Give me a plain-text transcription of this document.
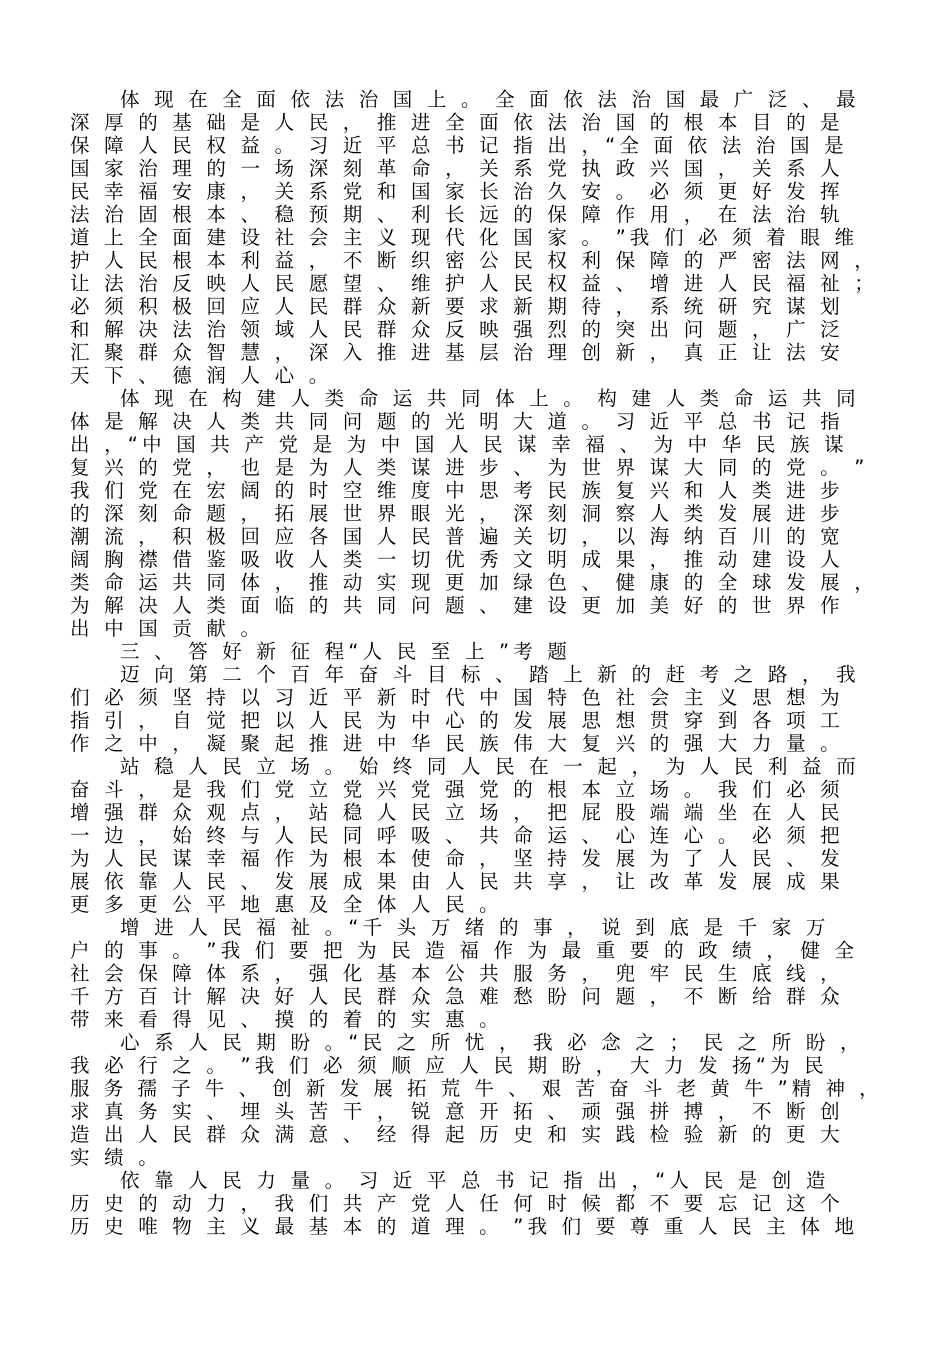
体 现 在 全 面 依 法 治 国 上 。 全 面 依 法 治 国 最 广 泛 、 最
深 厚 的 基 础 是 人 民 ， 推 进 全 面 依 法 治 国 的 根 本 目 的 是
保 障 人 民 权 益 。 习 近 平 总 书 记 指 出 ，“全 面 依 法 治 国 是
国 家 治 理 的 一 场 深 刻 革 命 ， 关 系 党 执 政 兴 国 ， 关 系 人
民 幸 福 安 康 ， 关 系 党 和 国 家 长 治 久 安 。 必 须 更 好 发 挥
法 治 固 根 本 、 稳 预 期 、 利 长 远 的 保 障 作 用 ， 在 法 治 轨
道 上 全 面 建 设 社 会 主 义 现 代 化 国 家 。 ”我 们 必 须 着 眼 维
护 人 民 根 本 利 益 ， 不 断 织 密 公 民 权 利 保 障 的 严 密 法 网 ，
让 法 治 反 映 人 民 愿 望 、 维 护 人 民 权 益 、 增 进 人 民 福 祉 ；
必 须 积 极 回 应 人 民 群 众 新 要 求 新 期 待 ， 系 统 研 究 谋 划
和 解 决 法 治 领 域 人 民 群 众 反 映 强 烈 的 突 出 问 题 ， 广 泛
汇 聚 群 众 智 慧 ， 深 入 推 进 基 层 治 理 创 新 ， 真 正 让 法 安
天 下 、 德 润 人 心 。
体 现 在 构 建 人 类 命 运 共 同 体 上 。 构 建 人 类 命 运 共 同
体 是 解 决 人 类 共 同 问 题 的 光 明 大 道 。 习 近 平 总 书 记 指
出 ，“中 国 共 产 党 是 为 中 国 人 民 谋 幸 福 、 为 中 华 民 族 谋
复 兴 的 党 ， 也 是 为 人 类 谋 进 步 、 为 世 界 谋 大 同 的 党 。 ”
我 们 党 在 宏 阔 的 时 空 维 度 中 思 考 民 族 复 兴 和 人 类 进 步
的 深 刻 命 题 ， 拓 展 世 界 眼 光 ， 深 刻 洞 察 人 类 发 展 进 步
潮 流 ， 积 极 回 应 各 国 人 民 普 遍 关 切 ， 以 海 纳 百 川 的 宽
阔 胸 襟 借 鉴 吸 收 人 类 一 切 优 秀 文 明 成 果 ， 推 动 建 设 人
类 命 运 共 同 体 ， 推 动 实 现 更 加 绿 色 、 健 康 的 全 球 发 展 ，
为 解 决 人 类 面 临 的 共 同 问 题 、 建 设 更 加 美 好 的 世 界 作
出 中 国 贡 献 。
三 、 答 好 新 征 程“人 民 至 上 ”考 题
迈 向 第 二 个 百 年 奋 斗 目 标 、 踏 上 新 的 赶 考 之 路 ， 我
们 必 须 坚 持 以 习 近 平 新 时 代 中 国 特 色 社 会 主 义 思 想 为
指 引 ， 自 觉 把 以 人 民 为 中 心 的 发 展 思 想 贯 穿 到 各 项 工
作 之 中 ， 凝 聚 起 推 进 中 华 民 族 伟 大 复 兴 的 强 大 力 量 。
站 稳 人 民 立 场 。 始 终 同 人 民 在 一 起 ， 为 人 民 利 益 而
奋 斗 ， 是 我 们 党 立 党 兴 党 强 党 的 根 本 立 场 。 我 们 必 须
增 强 群 众 观 点 ， 站 稳 人 民 立 场 ， 把 屁 股 端 端 坐 在 人 民
一 边 ， 始 终 与 人 民 同 呼 吸 、 共 命 运 、 心 连 心 。 必 须 把
为 人 民 谋 幸 福 作 为 根 本 使 命 ， 坚 持 发 展 为 了 人 民 、 发
展 依 靠 人 民 、 发 展 成 果 由 人 民 共 享 ， 让 改 革 发 展 成 果
更 多 更 公 平 地 惠 及 全 体 人 民 。
增 进 人 民 福 祉 。“千 头 万 绪 的 事 ， 说 到 底 是 千 家 万
户 的 事 。 ”我 们 要 把 为 民 造 福 作 为 最 重 要 的 政 绩 ， 健 全
社 会 保 障 体 系 ， 强 化 基 本 公 共 服 务 ， 兜 牢 民 生 底 线 ，
千 方 百 计 解 决 好 人 民 群 众 急 难 愁 盼 问 题 ， 不 断 给 群 众
带 来 看 得 见 、 摸 的 着 的 实 惠 。
心 系 人 民 期 盼 。“民 之 所 忧 ， 我 必 念 之 ； 民 之 所 盼 ，
我 必 行 之 。 ”我 们 必 须 顺 应 人 民 期 盼 ， 大 力 发 扬“为 民
服 务 孺 子 牛 、 创 新 发 展 拓 荒 牛 、 艰 苦 奋 斗 老 黄 牛 ”精 神 ，
求 真 务 实 、 埋 头 苦 干 ， 锐 意 开 拓 、 顽 强 拼 搏 ， 不 断 创
造 出 人 民 群 众 满 意 、 经 得 起 历 史 和 实 践 检 验 新 的 更 大
实 绩 。
依 靠 人 民 力 量 。 习 近 平 总 书 记 指 出 ，“人 民 是 创 造
历 史 的 动 力 ， 我 们 共 产 党 人 任 何 时 候 都 不 要 忘 记 这 个
历 史 唯 物 主 义 最 基 本 的 道 理 。 ”我 们 要 尊 重 人 民 主 体 地
